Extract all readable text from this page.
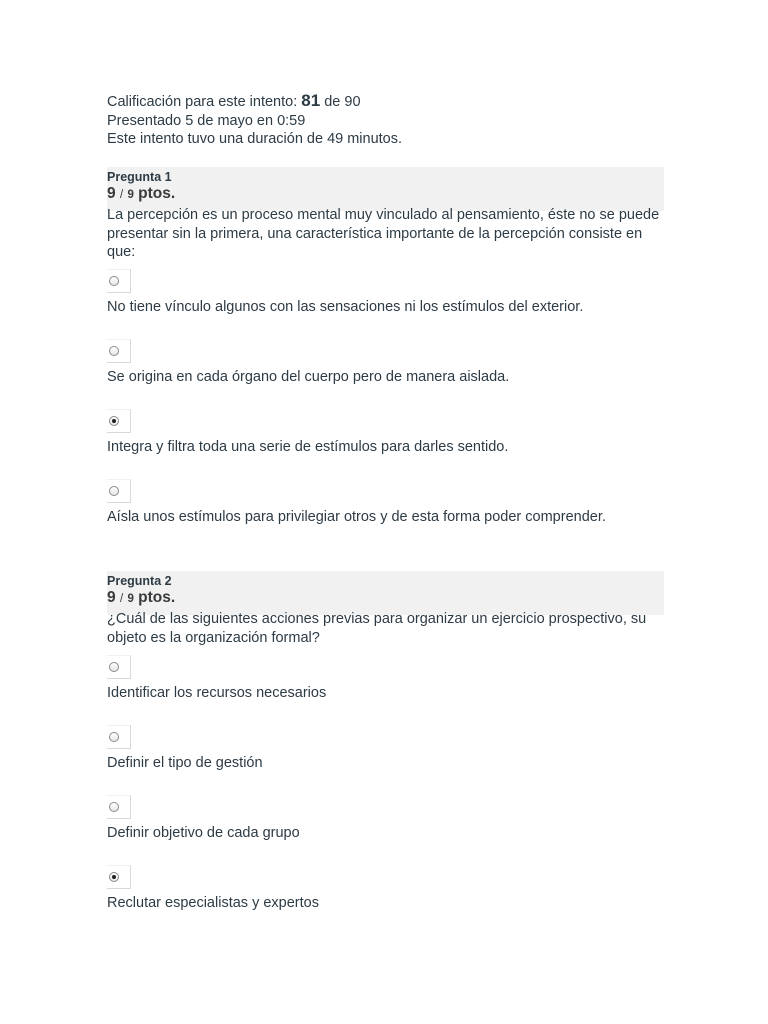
Calificación para este intento: 81 de 90
Presentado 5 de mayo en 0:59
Este intento tuvo una duración de 49 minutos.
Pregunta 1
9 / 9 ptos.
La percepción es un proceso mental muy vinculado al pensamiento, éste no se puede presentar sin la primera, una característica importante de la percepción consiste en que:
No tiene vínculo algunos con las sensaciones ni los estímulos del exterior.
Se origina en cada órgano del cuerpo pero de manera aislada.
Integra y filtra toda una serie de estímulos para darles sentido.
Aísla unos estímulos para privilegiar otros y de esta forma poder comprender.
Pregunta 2
9 / 9 ptos.
¿Cuál de las siguientes acciones previas para organizar un ejercicio prospectivo, su objeto es la organización formal?
Identificar los recursos necesarios
Definir el tipo de gestión
Definir objetivo de cada grupo
Reclutar especialistas y expertos
